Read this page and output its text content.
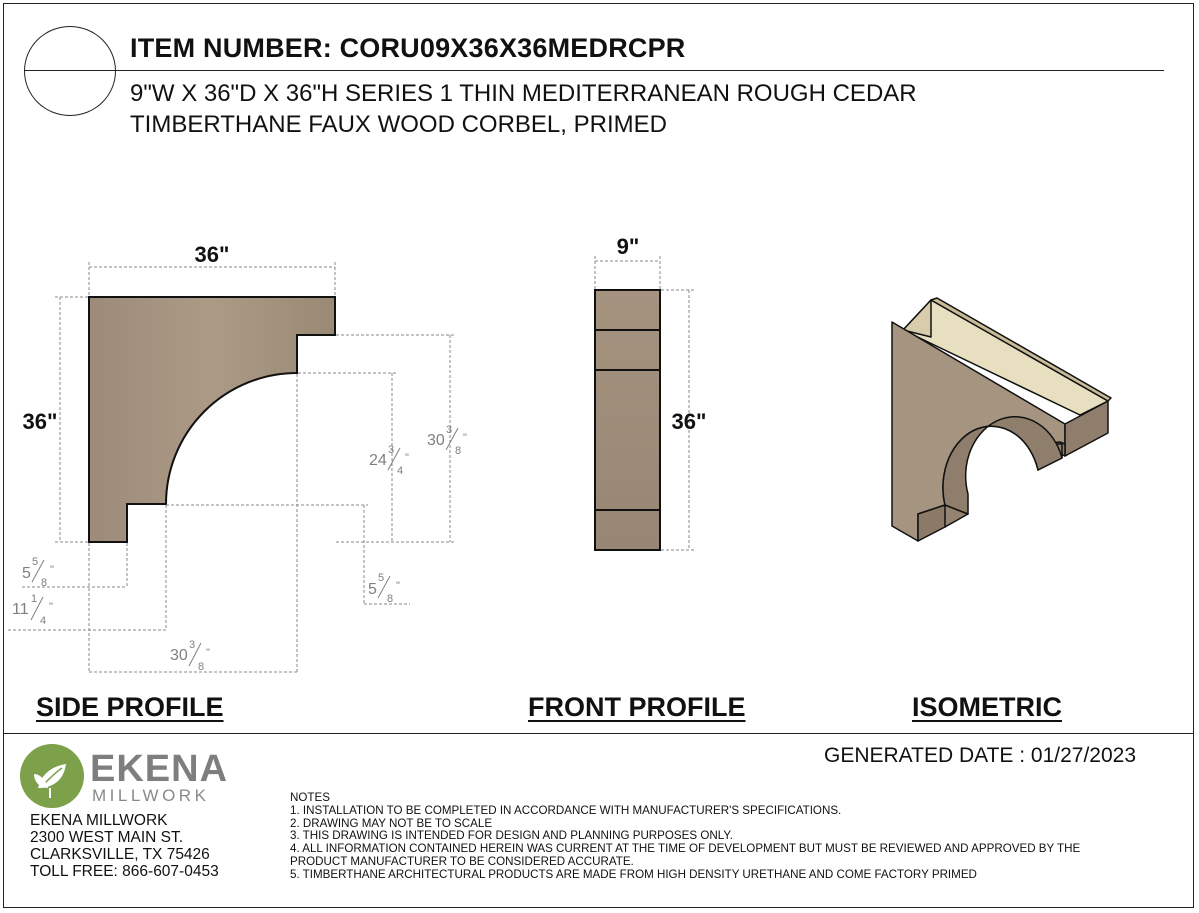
ITEM NUMBER: CORU09X36X36MEDRCPR
9"W X 36"D X 36"H SERIES 1 THIN MEDITERRANEAN ROUGH CEDAR
TIMBERTHANE FAUX WOOD CORBEL, PRIMED
36"
36"
30
3
8
"
24
3
4
"
5
5
8
"
11
1
4
"
30
3
8
"
5
5
8
"
9"
36"
SIDE PROFILE	FRONT PROFILE	ISOMETRIC
GENERATED DATE : 01/27/2023
EKENA
MILLWORK
EKENA MILLWORK
2300 WEST MAIN ST.
CLARKSVILLE, TX 75426
TOLL FREE: 866-607-0453
NOTES
1. INSTALLATION TO BE COMPLETED IN ACCORDANCE WITH MANUFACTURER'S SPECIFICATIONS.
2. DRAWING MAY NOT BE TO SCALE
3. THIS DRAWING IS INTENDED FOR DESIGN AND PLANNING PURPOSES ONLY.
4. ALL INFORMATION CONTAINED HEREIN WAS CURRENT AT THE TIME OF DEVELOPMENT BUT MUST BE REVIEWED AND APPROVED BY THE
PRODUCT MANUFACTURER TO BE CONSIDERED ACCURATE.
5. TIMBERTHANE ARCHITECTURAL PRODUCTS ARE MADE FROM HIGH DENSITY URETHANE AND COME FACTORY PRIMED
